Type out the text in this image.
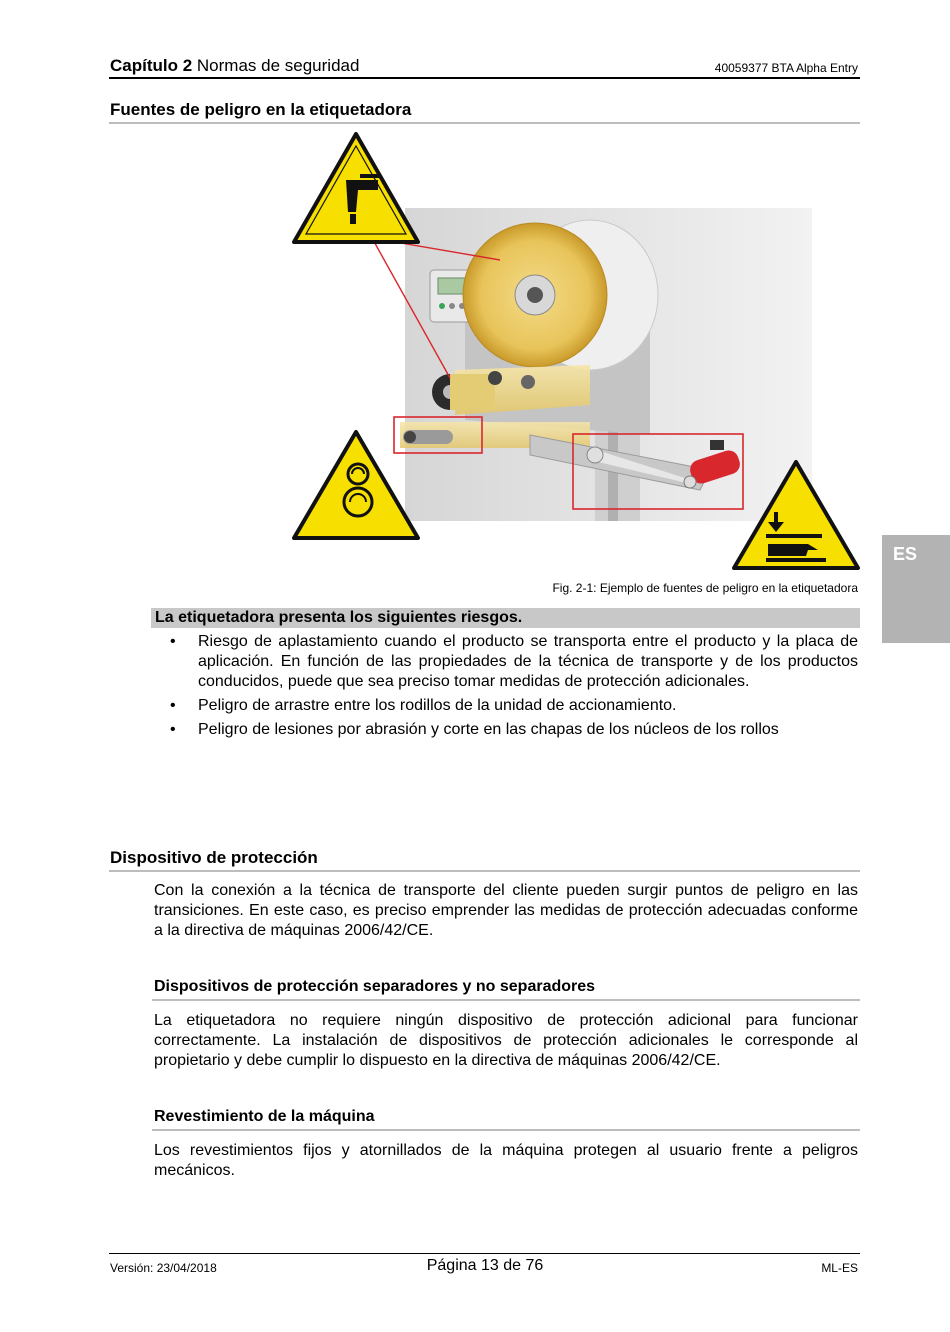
Capítulo 2 Normas de seguridad	40059377 BTA Alpha Entry
Fuentes de peligro en la etiquetadora
Fig. 2-1: Ejemplo de fuentes de peligro en la etiquetadora
La etiquetadora presenta los siguientes riesgos.
• Riesgo de aplastamiento cuando el producto se transporta entre el producto y la placa de aplicación. En función de las propiedades de la técnica de transporte y de los productos conducidos, puede que sea preciso tomar medidas de protección adicionales.
• Peligro de arrastre entre los rodillos de la unidad de accionamiento.
• Peligro de lesiones por abrasión y corte en las chapas de los núcleos de los rollos
Dispositivo de protección
Con la conexión a la técnica de transporte del cliente pueden surgir puntos de peligro en las transiciones. En este caso, es preciso emprender las medidas de protección adecuadas conforme a la directiva de máquinas 2006/42/CE.
Dispositivos de protección separadores y no separadores
La etiquetadora no requiere ningún dispositivo de protección adicional para funcionar correctamente. La instalación de dispositivos de protección adicionales le corresponde al propietario y debe cumplir lo dispuesto en la directiva de máquinas 2006/42/CE.
Revestimiento de la máquina
Los revestimientos fijos y atornillados de la máquina protegen al usuario frente a peligros mecánicos.
ES
Versión: 23/04/2018	Página 13 de 76	ML-ES
